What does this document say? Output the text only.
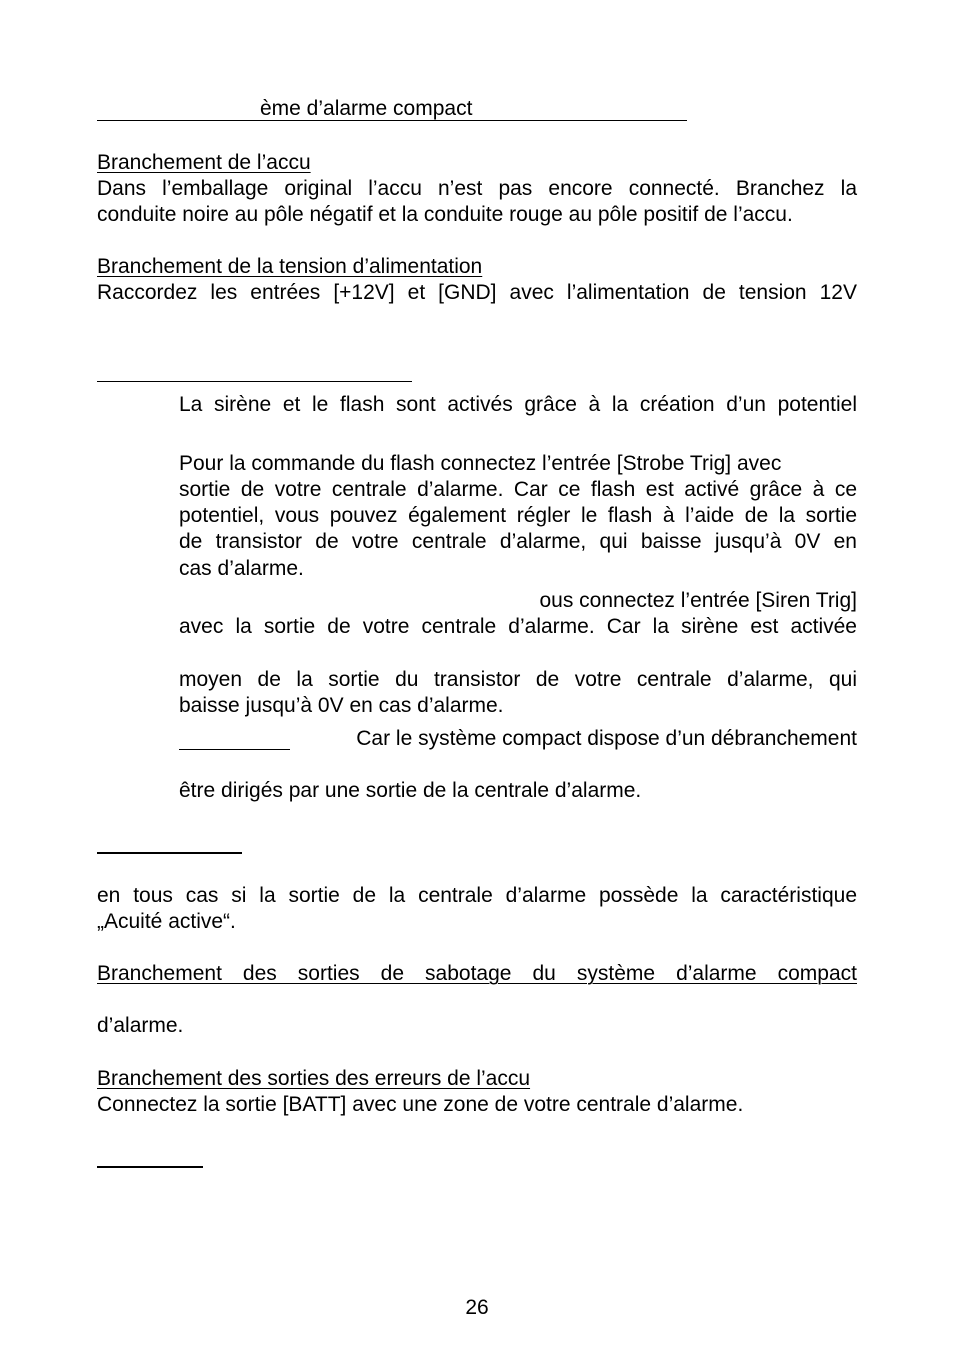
ème d’alarme compact
Branchement de l’accu
Dans l’emballage original l’accu n’est pas encore connecté. Branchez la
conduite noire au pôle négatif et la conduite rouge au pôle positif de l’accu.
Branchement de la tension d’alimentation
Raccordez les entrées [+12V] et [GND] avec l’alimentation de tension 12V
La sirène et le flash sont activés grâce à la création d’un potentiel
Pour la commande du flash connectez l’entrée [Strobe Trig] avec
sortie de votre centrale d’alarme. Car ce flash est activé grâce à ce
potentiel, vous pouvez également régler le flash à l’aide de la sortie
de transistor de votre centrale d’alarme, qui baisse jusqu’à 0V en
cas d’alarme.
ous connectez l’entrée [Siren Trig]
avec la sortie de votre centrale d’alarme. Car la sirène est activée
moyen de la sortie du transistor de votre centrale d’alarme, qui
baisse jusqu’à 0V en cas d’alarme.
Car le système compact dispose d’un débranchement
être dirigés par une sortie de la centrale d’alarme.
en tous cas si la sortie de la centrale d’alarme possède la caractéristique
„Acuité active“.
Branchement des sorties de sabotage du système d’alarme compact
d’alarme.
Branchement des sorties des erreurs de l’accu
Connectez la sortie [BATT] avec une zone de votre centrale d’alarme.
26
